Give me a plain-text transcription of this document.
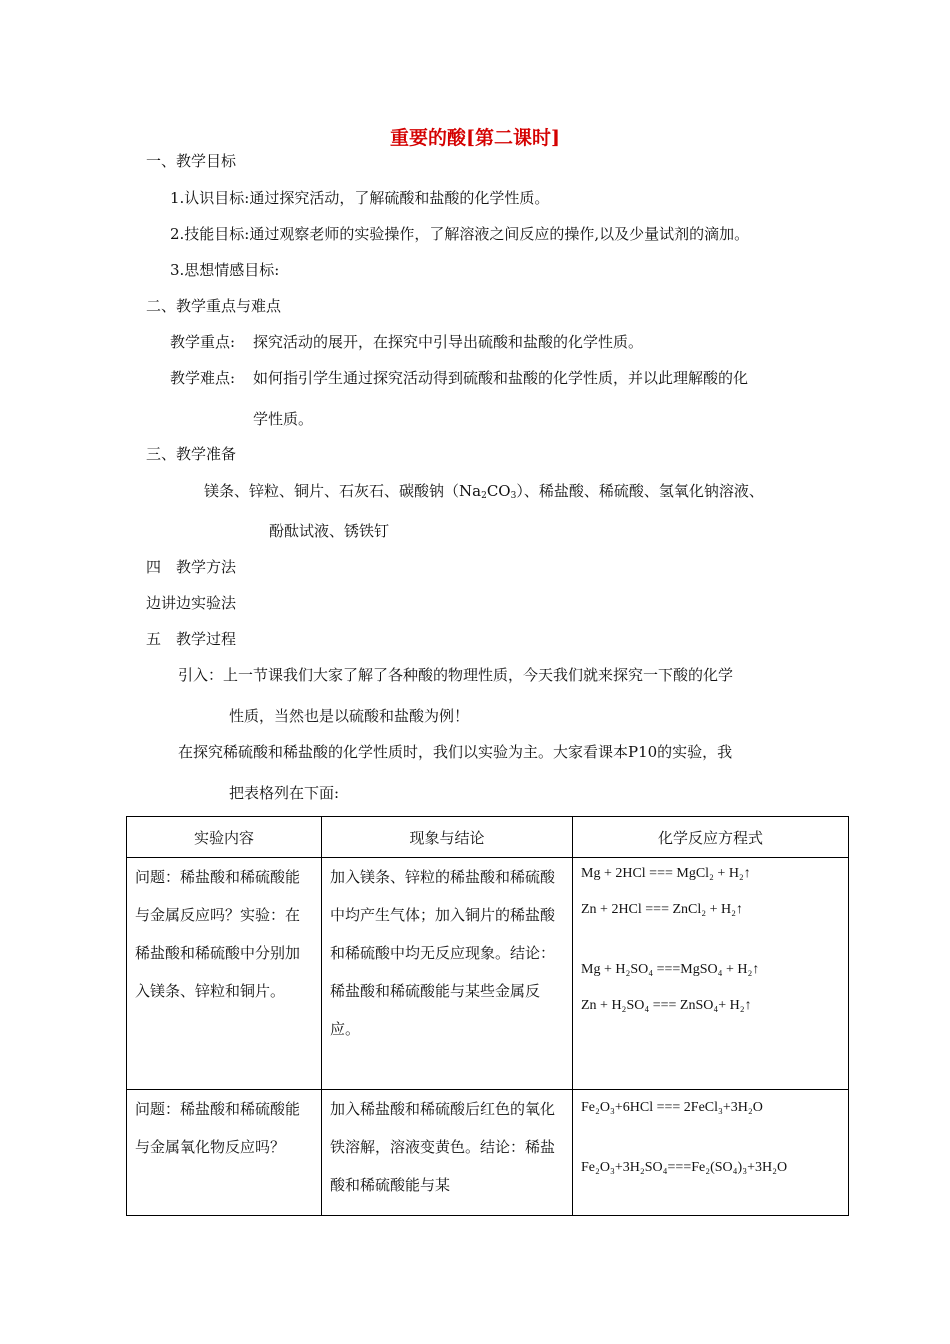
重要的酸[第二课时]
一、教学目标
1.认识目标:通过探究活动，了解硫酸和盐酸的化学性质。
2.技能目标:通过观察老师的实验操作，了解溶液之间反应的操作,以及少量试剂的滴加。
3.思想情感目标:
二、教学重点与难点
教学重点: 探究活动的展开，在探究中引导出硫酸和盐酸的化学性质。
教学难点: 如何指引学生通过探究活动得到硫酸和盐酸的化学性质，并以此理解酸的化
学性质。
三、教学准备
镁条、锌粒、铜片、石灰石、碳酸钠$(Na_2CO_3)$、稀盐酸、稀硫酸、氢氧化钠溶液、
酚酞试液、锈铁钉
四　教学方法
边讲边实验法
五　教学过程
引入：上一节课我们大家了解了各种酸的物理性质，今天我们就来探究一下酸的化学
性质，当然也是以硫酸和盐酸为例！
在探究稀硫酸和稀盐酸的化学性质时，我们以实验为主。大家看课本P10的实验，我
把表格列在下面:
实验内容	现象与结论	化学反应方程式

问题：稀盐酸和稀硫酸能与金属反应吗？实验：在稀盐酸和稀硫酸中分别加入镁条、锌粒和铜片。	加入镁条、锌粒的稀盐酸和稀硫酸中均产生气体；加入铜片的稀盐酸和稀硫酸中均无反应现象。结论：稀盐酸和稀硫酸能与某些金属反应。	Mg + 2HCl === MgCl₂ + H₂↑
Zn + 2HCl === ZnCl₂ + H₂↑
Mg + H₂SO₄ ===MgSO₄ + H₂↑
Zn + H₂SO₄ === ZnSO₄+ H₂↑

问题：稀盐酸和稀硫酸能与金属氧化物反应吗？	加入稀盐酸和稀硫酸后红色的氧化铁溶解，溶液变黄色。结论：稀盐酸和稀硫酸能与某	Fe₂O₃+6HCl === 2FeCl₃+3H₂O
Fe₂O₃+3H₂SO₄===Fe₂(SO₄)₃+3H₂O
